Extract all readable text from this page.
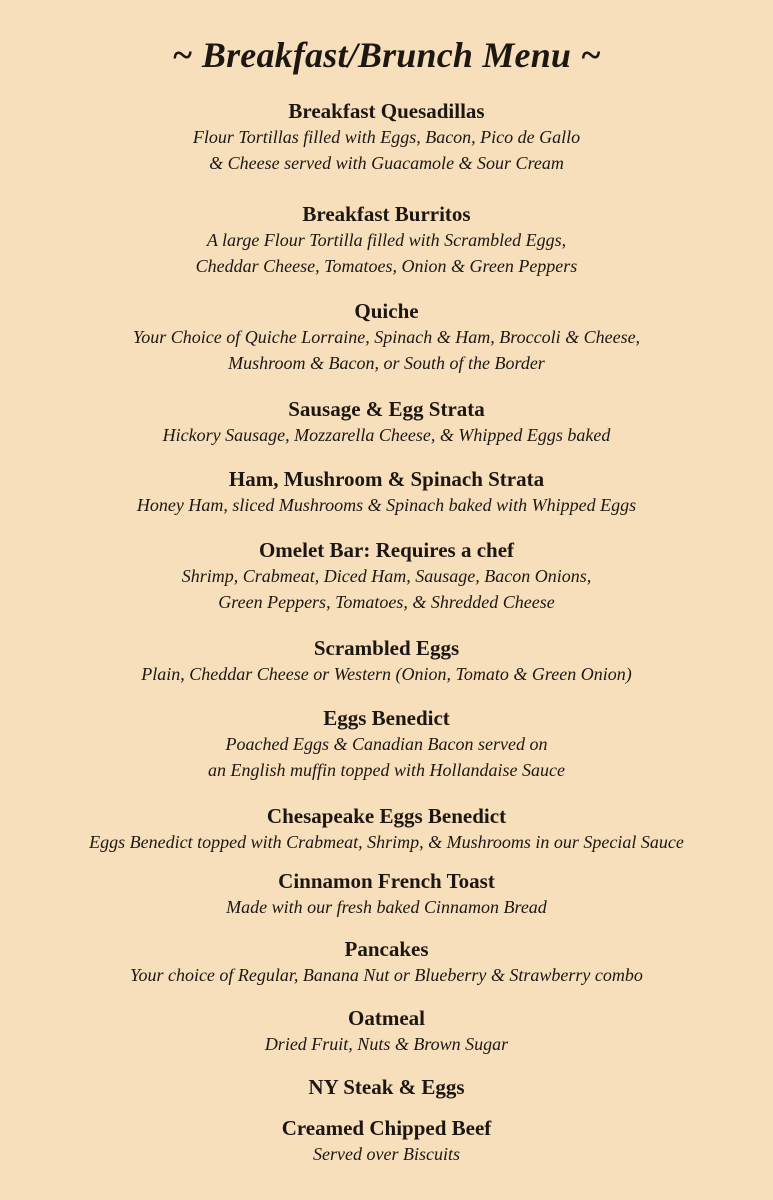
~ Breakfast/Brunch Menu ~
Breakfast Quesadillas
Flour Tortillas filled with Eggs, Bacon, Pico de Gallo
& Cheese served with Guacamole & Sour Cream
Breakfast Burritos
A large Flour Tortilla filled with Scrambled Eggs,
Cheddar Cheese, Tomatoes, Onion & Green Peppers
Quiche
Your Choice of Quiche Lorraine, Spinach & Ham, Broccoli & Cheese,
Mushroom & Bacon, or South of the Border
Sausage & Egg Strata
Hickory Sausage, Mozzarella Cheese, & Whipped Eggs baked
Ham, Mushroom & Spinach Strata
Honey Ham, sliced Mushrooms & Spinach baked with Whipped Eggs
Omelet Bar: Requires a chef
Shrimp, Crabmeat, Diced Ham, Sausage, Bacon Onions,
Green Peppers, Tomatoes, & Shredded Cheese
Scrambled Eggs
Plain, Cheddar Cheese or Western (Onion, Tomato & Green Onion)
Eggs Benedict
Poached Eggs & Canadian Bacon served on
an English muffin topped with Hollandaise Sauce
Chesapeake Eggs Benedict
Eggs Benedict topped with Crabmeat, Shrimp, & Mushrooms in our Special Sauce
Cinnamon French Toast
Made with our fresh baked Cinnamon Bread
Pancakes
Your choice of Regular, Banana Nut or Blueberry & Strawberry combo
Oatmeal
Dried Fruit, Nuts & Brown Sugar
NY Steak & Eggs
Creamed Chipped Beef
Served over Biscuits
